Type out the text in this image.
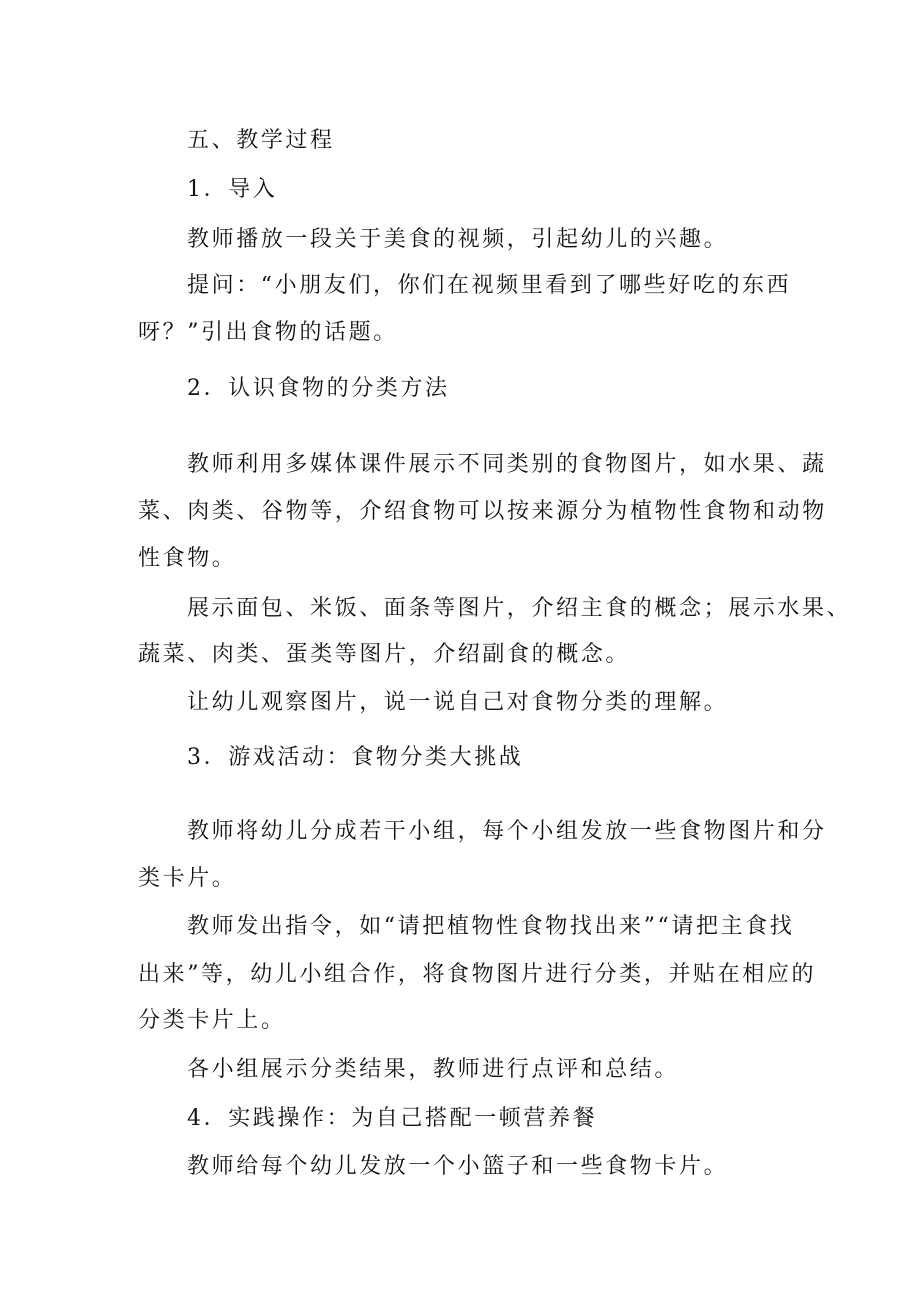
五、教学过程
1．导入
教师播放一段关于美食的视频，引起幼儿的兴趣。
提问：“小朋友们，你们在视频里看到了哪些好吃的东西
呀？”引出食物的话题。
2．认识食物的分类方法
教师利用多媒体课件展示不同类别的食物图片，如水果、蔬
菜、肉类、谷物等，介绍食物可以按来源分为植物性食物和动物
性食物。
展示面包、米饭、面条等图片，介绍主食的概念；展示水果、
蔬菜、肉类、蛋类等图片，介绍副食的概念。
让幼儿观察图片，说一说自己对食物分类的理解。
3．游戏活动：食物分类大挑战
教师将幼儿分成若干小组，每个小组发放一些食物图片和分
类卡片。
教师发出指令，如“请把植物性食物找出来”“请把主食找
出来”等，幼儿小组合作，将食物图片进行分类，并贴在相应的
分类卡片上。
各小组展示分类结果，教师进行点评和总结。
4．实践操作：为自己搭配一顿营养餐
教师给每个幼儿发放一个小篮子和一些食物卡片。
